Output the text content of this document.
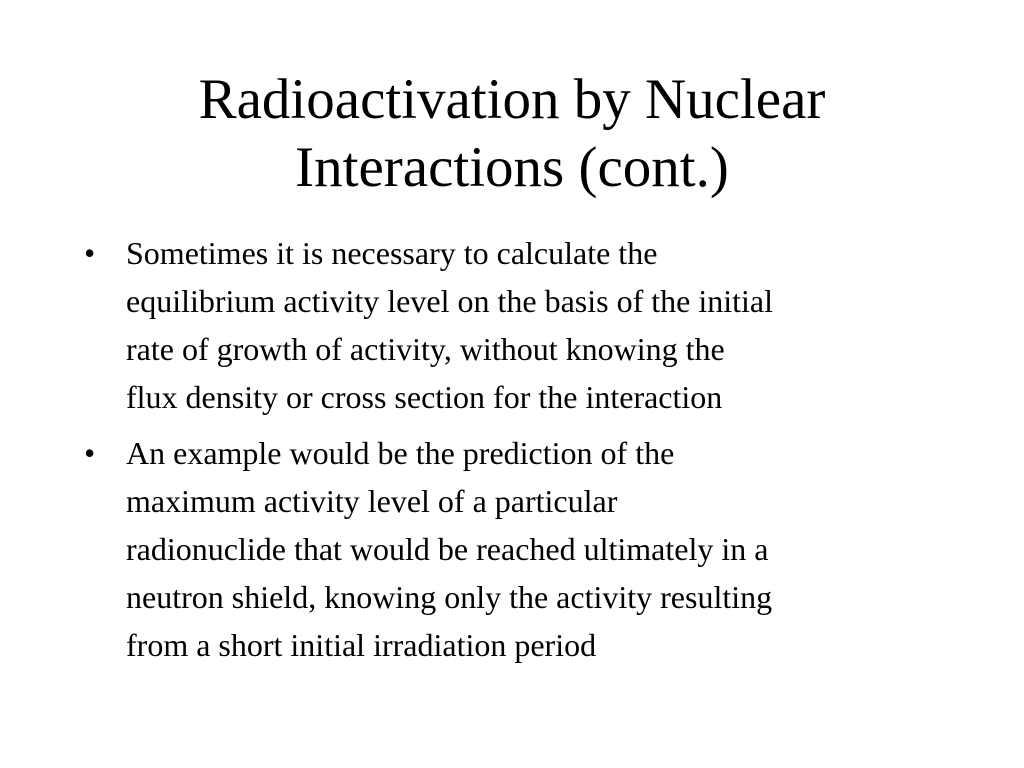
Radioactivation by Nuclear
Interactions (cont.)
• Sometimes it is necessary to calculate the
equilibrium activity level on the basis of the initial
rate of growth of activity, without knowing the
flux density or cross section for the interaction
• An example would be the prediction of the
maximum activity level of a particular
radionuclide that would be reached ultimately in a
neutron shield, knowing only the activity resulting
from a short initial irradiation period
